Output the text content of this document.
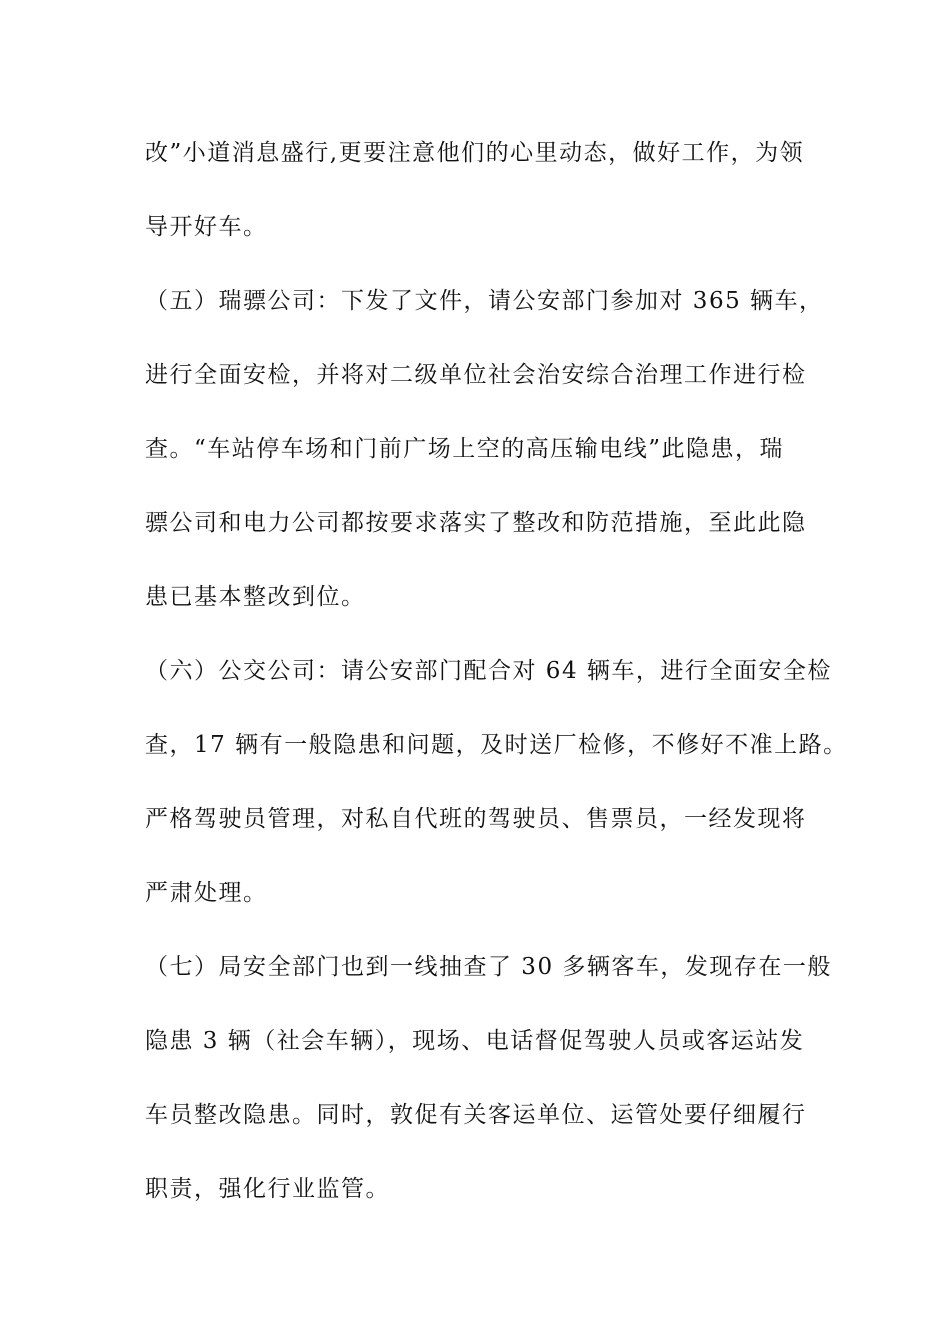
改”小道消息盛行,更要注意他们的心里动态，做好工作，为领

导开好车。

（五）瑞骠公司：下发了文件，请公安部门参加对 365 辆车，

进行全面安检，并将对二级单位社会治安综合治理工作进行检

查。“车站停车场和门前广场上空的高压输电线”此隐患，瑞

骠公司和电力公司都按要求落实了整改和防范措施，至此此隐

患已基本整改到位。

（六）公交公司：请公安部门配合对 64 辆车，进行全面安全检

查，17 辆有一般隐患和问题，及时送厂检修，不修好不准上路。

严格驾驶员管理，对私自代班的驾驶员、售票员，一经发现将

严肃处理。

（七）局安全部门也到一线抽查了 30 多辆客车，发现存在一般

隐患 3 辆（社会车辆），现场、电话督促驾驶人员或客运站发

车员整改隐患。同时，敦促有关客运单位、运管处要仔细履行

职责，强化行业监管。
